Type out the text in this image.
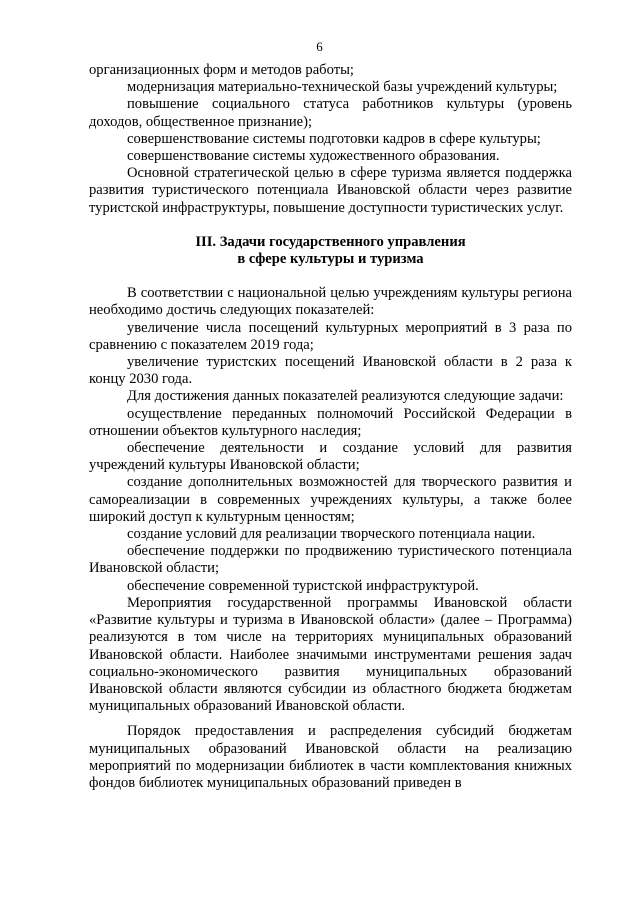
6

организационных форм и методов работы;

модернизация материально-технической базы учреждений культуры;

повышение социального статуса работников культуры (уровень доходов, общественное признание);

совершенствование системы подготовки кадров в сфере культуры;

совершенствование системы художественного образования.

Основной стратегической целью в сфере туризма является поддержка развития туристического потенциала Ивановской области через развитие туристской инфраструктуры, повышение доступности туристических услуг.

III. Задачи государственного управления
в сфере культуры и туризма

В соответствии с национальной целью учреждениям культуры региона необходимо достичь следующих показателей:

увеличение числа посещений культурных мероприятий в 3 раза по сравнению с показателем 2019 года;

увеличение туристских посещений Ивановской области в 2 раза к концу 2030 года.

Для достижения данных показателей реализуются следующие задачи:

осуществление переданных полномочий Российской Федерации в отношении объектов культурного наследия;

обеспечение деятельности и создание условий для развития учреждений культуры Ивановской области;

создание дополнительных возможностей для творческого развития и самореализации в современных учреждениях культуры, а также более широкий доступ к культурным ценностям;

создание условий для реализации творческого потенциала нации.

обеспечение поддержки по продвижению туристического потенциала Ивановской области;

обеспечение современной туристской инфраструктурой.

Мероприятия государственной программы Ивановской области «Развитие культуры и туризма в Ивановской области» (далее – Программа) реализуются в том числе на территориях муниципальных образований Ивановской области. Наиболее значимыми инструментами решения задач социально-экономического развития муниципальных образований Ивановской области являются субсидии из областного бюджета бюджетам муниципальных образований Ивановской области.

Порядок предоставления и распределения субсидий бюджетам муниципальных образований Ивановской области на реализацию мероприятий по модернизации библиотек в части комплектования книжных фондов библиотек муниципальных образований приведен в
